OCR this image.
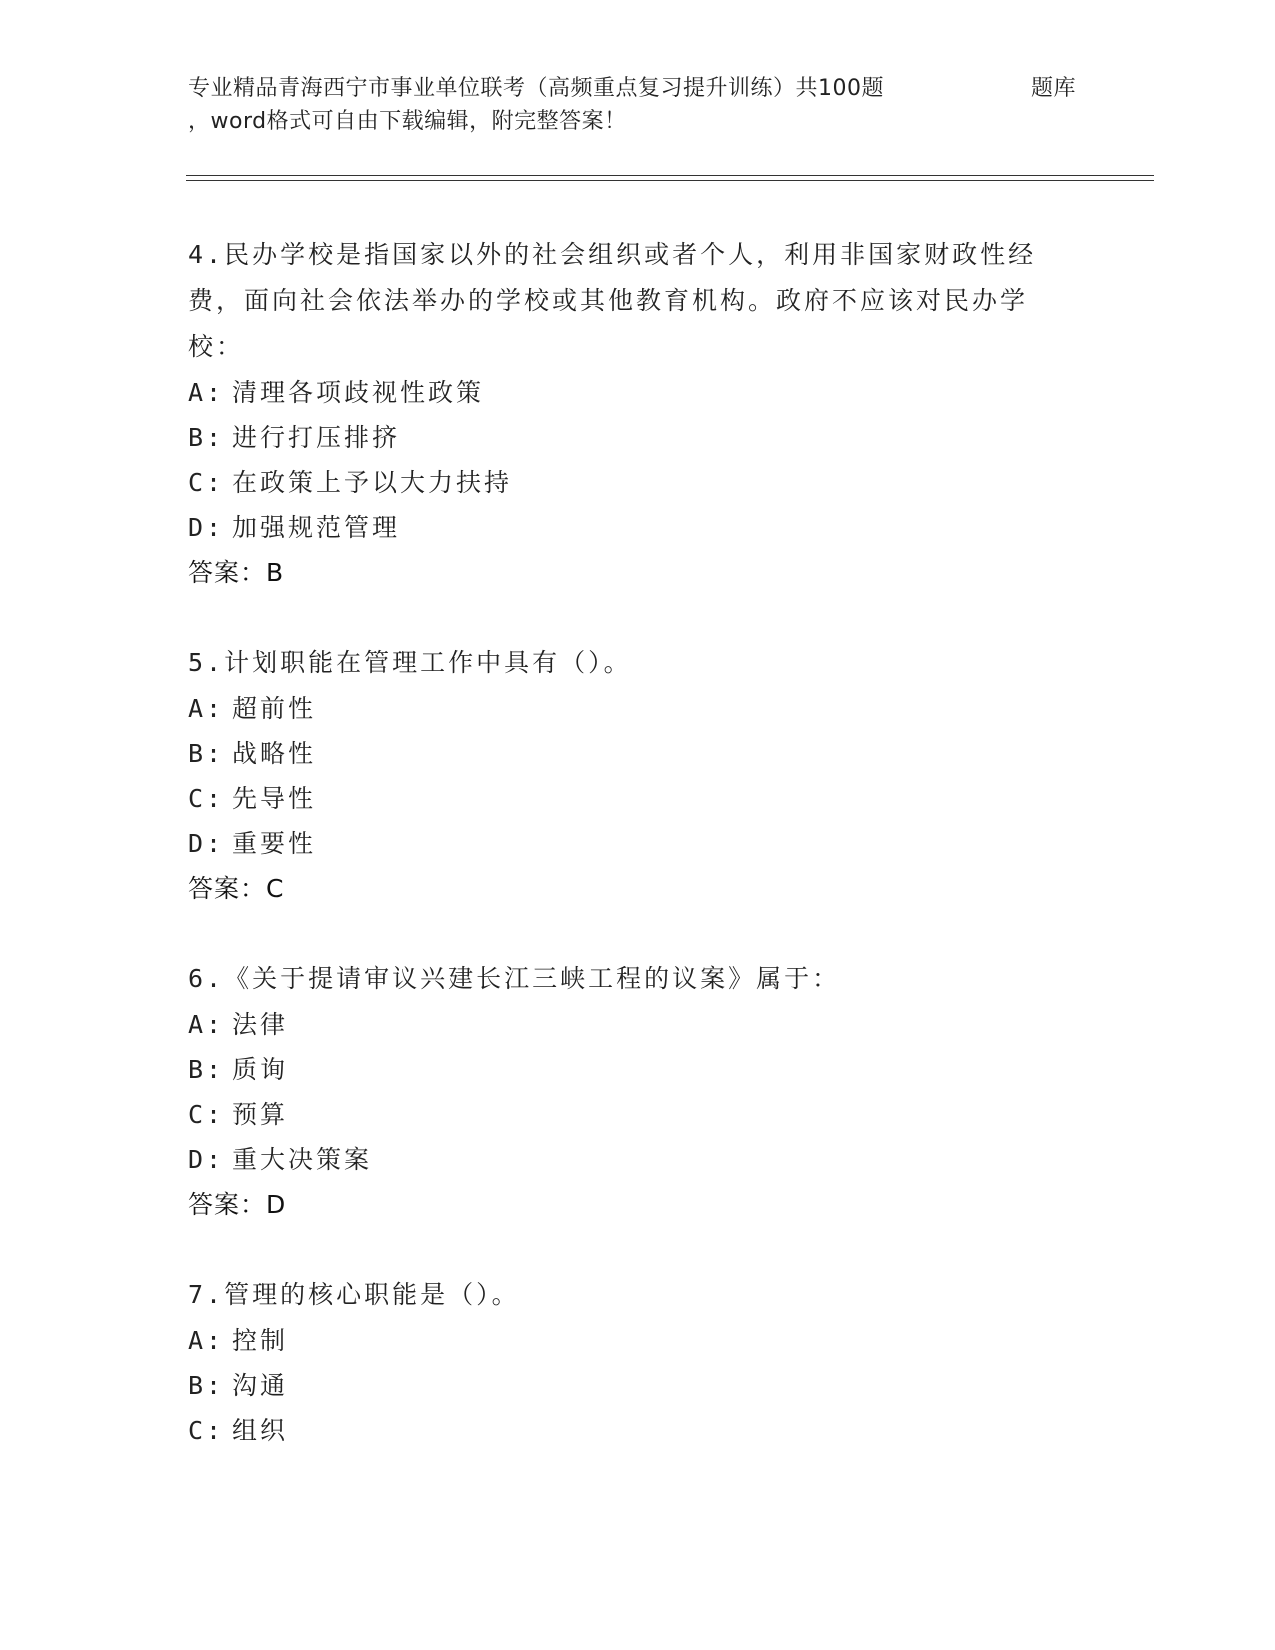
专业精品青海西宁市事业单位联考（高频重点复习提升训练）共100题	题库
，word格式可自由下载编辑，附完整答案！

4.民办学校是指国家以外的社会组织或者个人，利用非国家财政性经费，面向社会依法举办的学校或其他教育机构。政府不应该对民办学校：

A: 清理各项歧视性政策
B: 进行打压排挤
C: 在政策上予以大力扶持
D: 加强规范管理
答案：B

5.计划职能在管理工作中具有（）。

A: 超前性
B: 战略性
C: 先导性
D: 重要性
答案：C

6.《关于提请审议兴建长江三峡工程的议案》属于：

A: 法律
B: 质询
C: 预算
D: 重大决策案
答案：D

7.管理的核心职能是（）。

A: 控制
B: 沟通
C: 组织
